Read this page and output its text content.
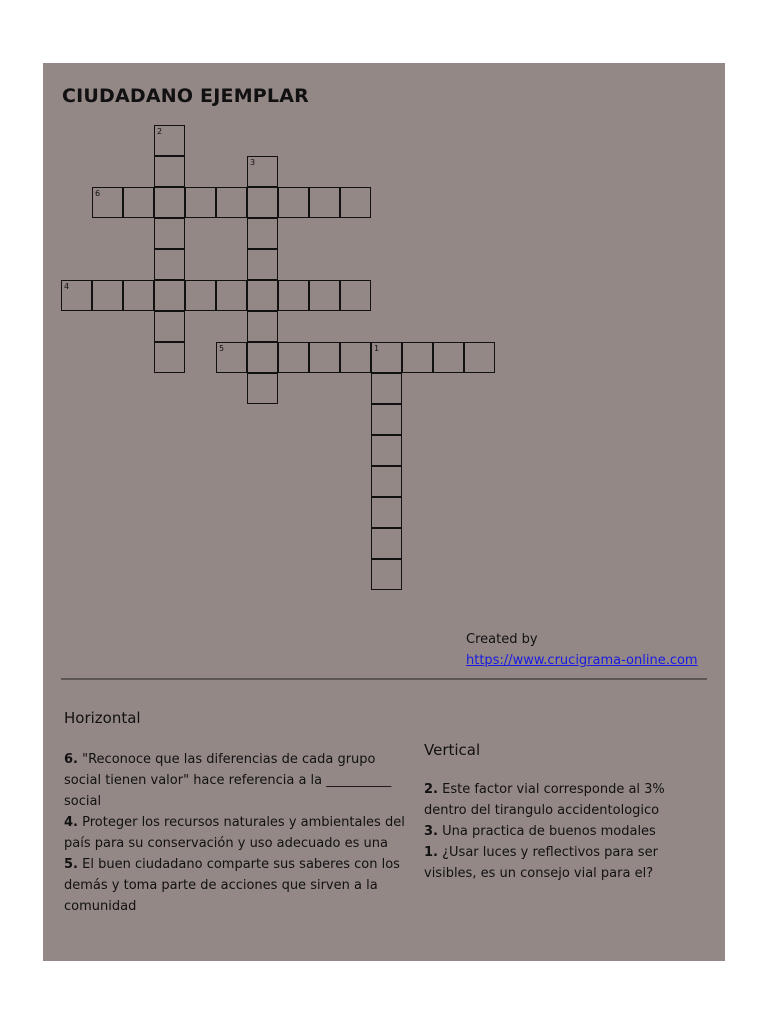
CIUDADANO EJEMPLAR
6
4
5	1
2
3
Created by
https://www.crucigrama-online.com
Horizontal
6. "Reconoce que las diferencias de cada grupo social tienen valor" hace referencia a la __________ social
4. Proteger los recursos naturales y ambientales del país para su conservación y uso adecuado es una
5. El buen ciudadano comparte sus saberes con los demás y toma parte de acciones que sirven a la comunidad
Vertical
2. Este factor vial corresponde al 3% dentro del tirangulo accidentologico
3. Una practica de buenos modales
1. ¿Usar luces y reflectivos para ser visibles, es un consejo vial para el?
